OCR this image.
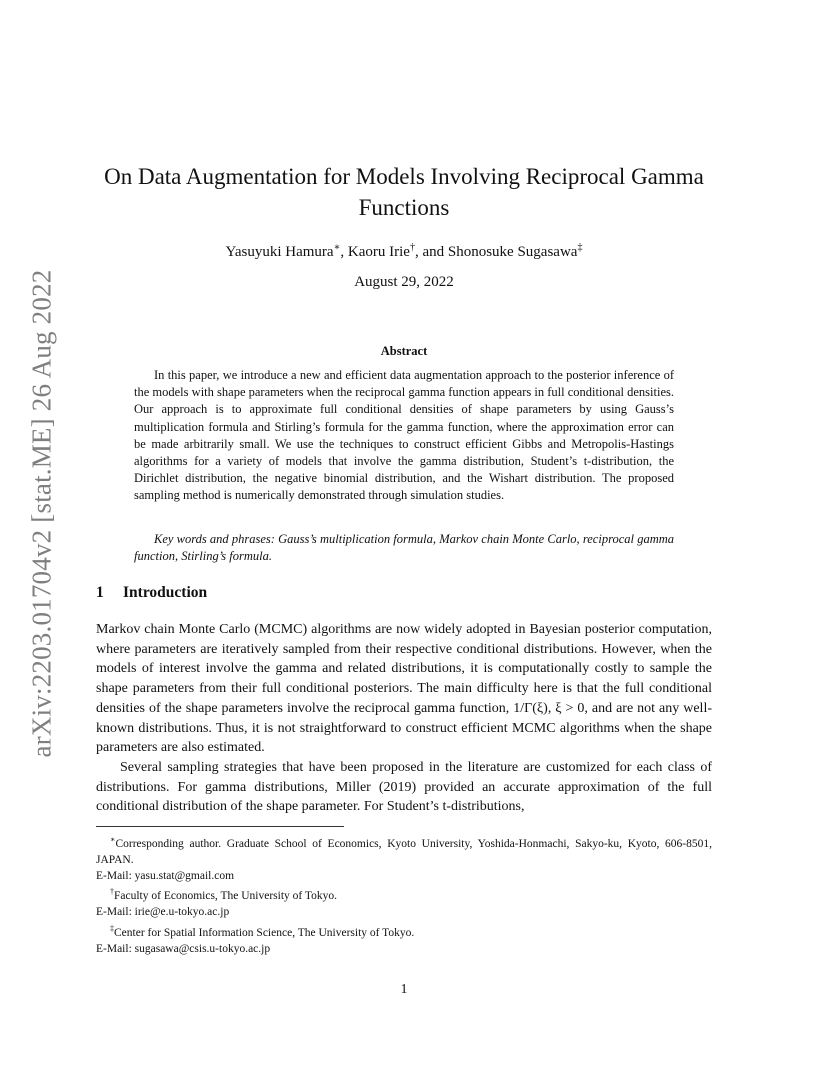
arXiv:2203.01704v2 [stat.ME] 26 Aug 2022
On Data Augmentation for Models Involving Reciprocal Gamma Functions
Yasuyuki Hamura∗, Kaoru Irie†, and Shonosuke Sugasawa‡
August 29, 2022
Abstract
In this paper, we introduce a new and efficient data augmentation approach to the posterior inference of the models with shape parameters when the reciprocal gamma function appears in full conditional densities. Our approach is to approximate full conditional densities of shape parameters by using Gauss’s multiplication formula and Stirling’s formula for the gamma function, where the approximation error can be made arbitrarily small. We use the techniques to construct efficient Gibbs and Metropolis-Hastings algorithms for a variety of models that involve the gamma distribution, Student’s t-distribution, the Dirichlet distribution, the negative binomial distribution, and the Wishart distribution. The proposed sampling method is numerically demonstrated through simulation studies.
Key words and phrases: Gauss’s multiplication formula, Markov chain Monte Carlo, reciprocal gamma function, Stirling’s formula.
1 Introduction

Markov chain Monte Carlo (MCMC) algorithms are now widely adopted in Bayesian posterior computation, where parameters are iteratively sampled from their respective conditional distributions. However, when the models of interest involve the gamma and related distributions, it is computationally costly to sample the shape parameters from their full conditional posteriors. The main difficulty here is that the full conditional densities of the shape parameters involve the reciprocal gamma function, 1/Γ(ξ), ξ > 0, and are not any well-known distributions. Thus, it is not straightforward to construct efficient MCMC algorithms when the shape parameters are also estimated.

Several sampling strategies that have been proposed in the literature are customized for each class of distributions. For gamma distributions, Miller (2019) provided an accurate approximation of the full conditional distribution of the shape parameter. For Student’s t-distributions,

∗Corresponding author. Graduate School of Economics, Kyoto University, Yoshida-Honmachi, Sakyo-ku, Kyoto, 606-8501, JAPAN.

E-Mail: yasu.stat@gmail.com

†Faculty of Economics, The University of Tokyo.

E-Mail: irie@e.u-tokyo.ac.jp

‡Center for Spatial Information Science, The University of Tokyo.

E-Mail: sugasawa@csis.u-tokyo.ac.jp

1
